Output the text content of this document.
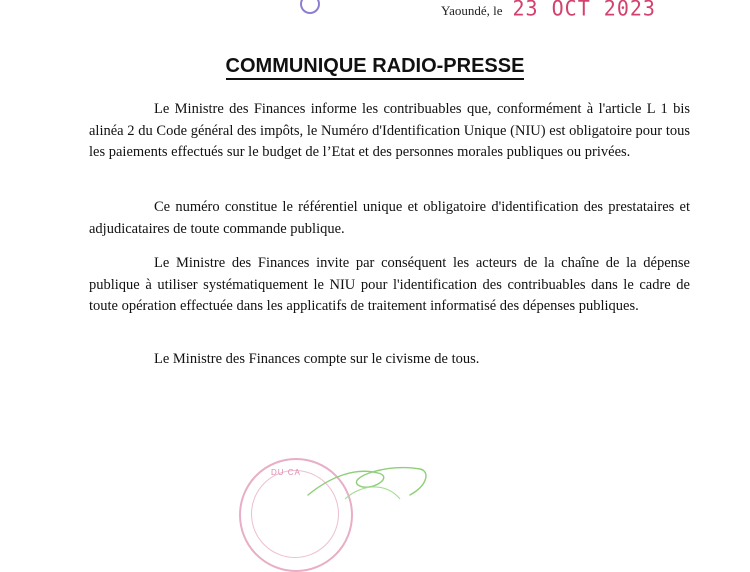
Yaoundé, le 23 OCT 2023
COMMUNIQUE RADIO-PRESSE

Le Ministre des Finances informe les contribuables que, conformément à l'article L 1 bis alinéa 2 du Code général des impôts, le Numéro d'Identification Unique (NIU) est obligatoire pour tous les paiements effectués sur le budget de l’Etat et des personnes morales publiques ou privées.

Ce numéro constitue le référentiel unique et obligatoire d'identification des prestataires et adjudicataires de toute commande publique.

Le Ministre des Finances invite par conséquent les acteurs de la chaîne de la dépense publique à utiliser systématiquement le NIU pour l'identification des contribuables dans le cadre de toute opération effectuée dans les applicatifs de traitement informatisé des dépenses publiques.

Le Ministre des Finances compte sur le civisme de tous.

DU CA
